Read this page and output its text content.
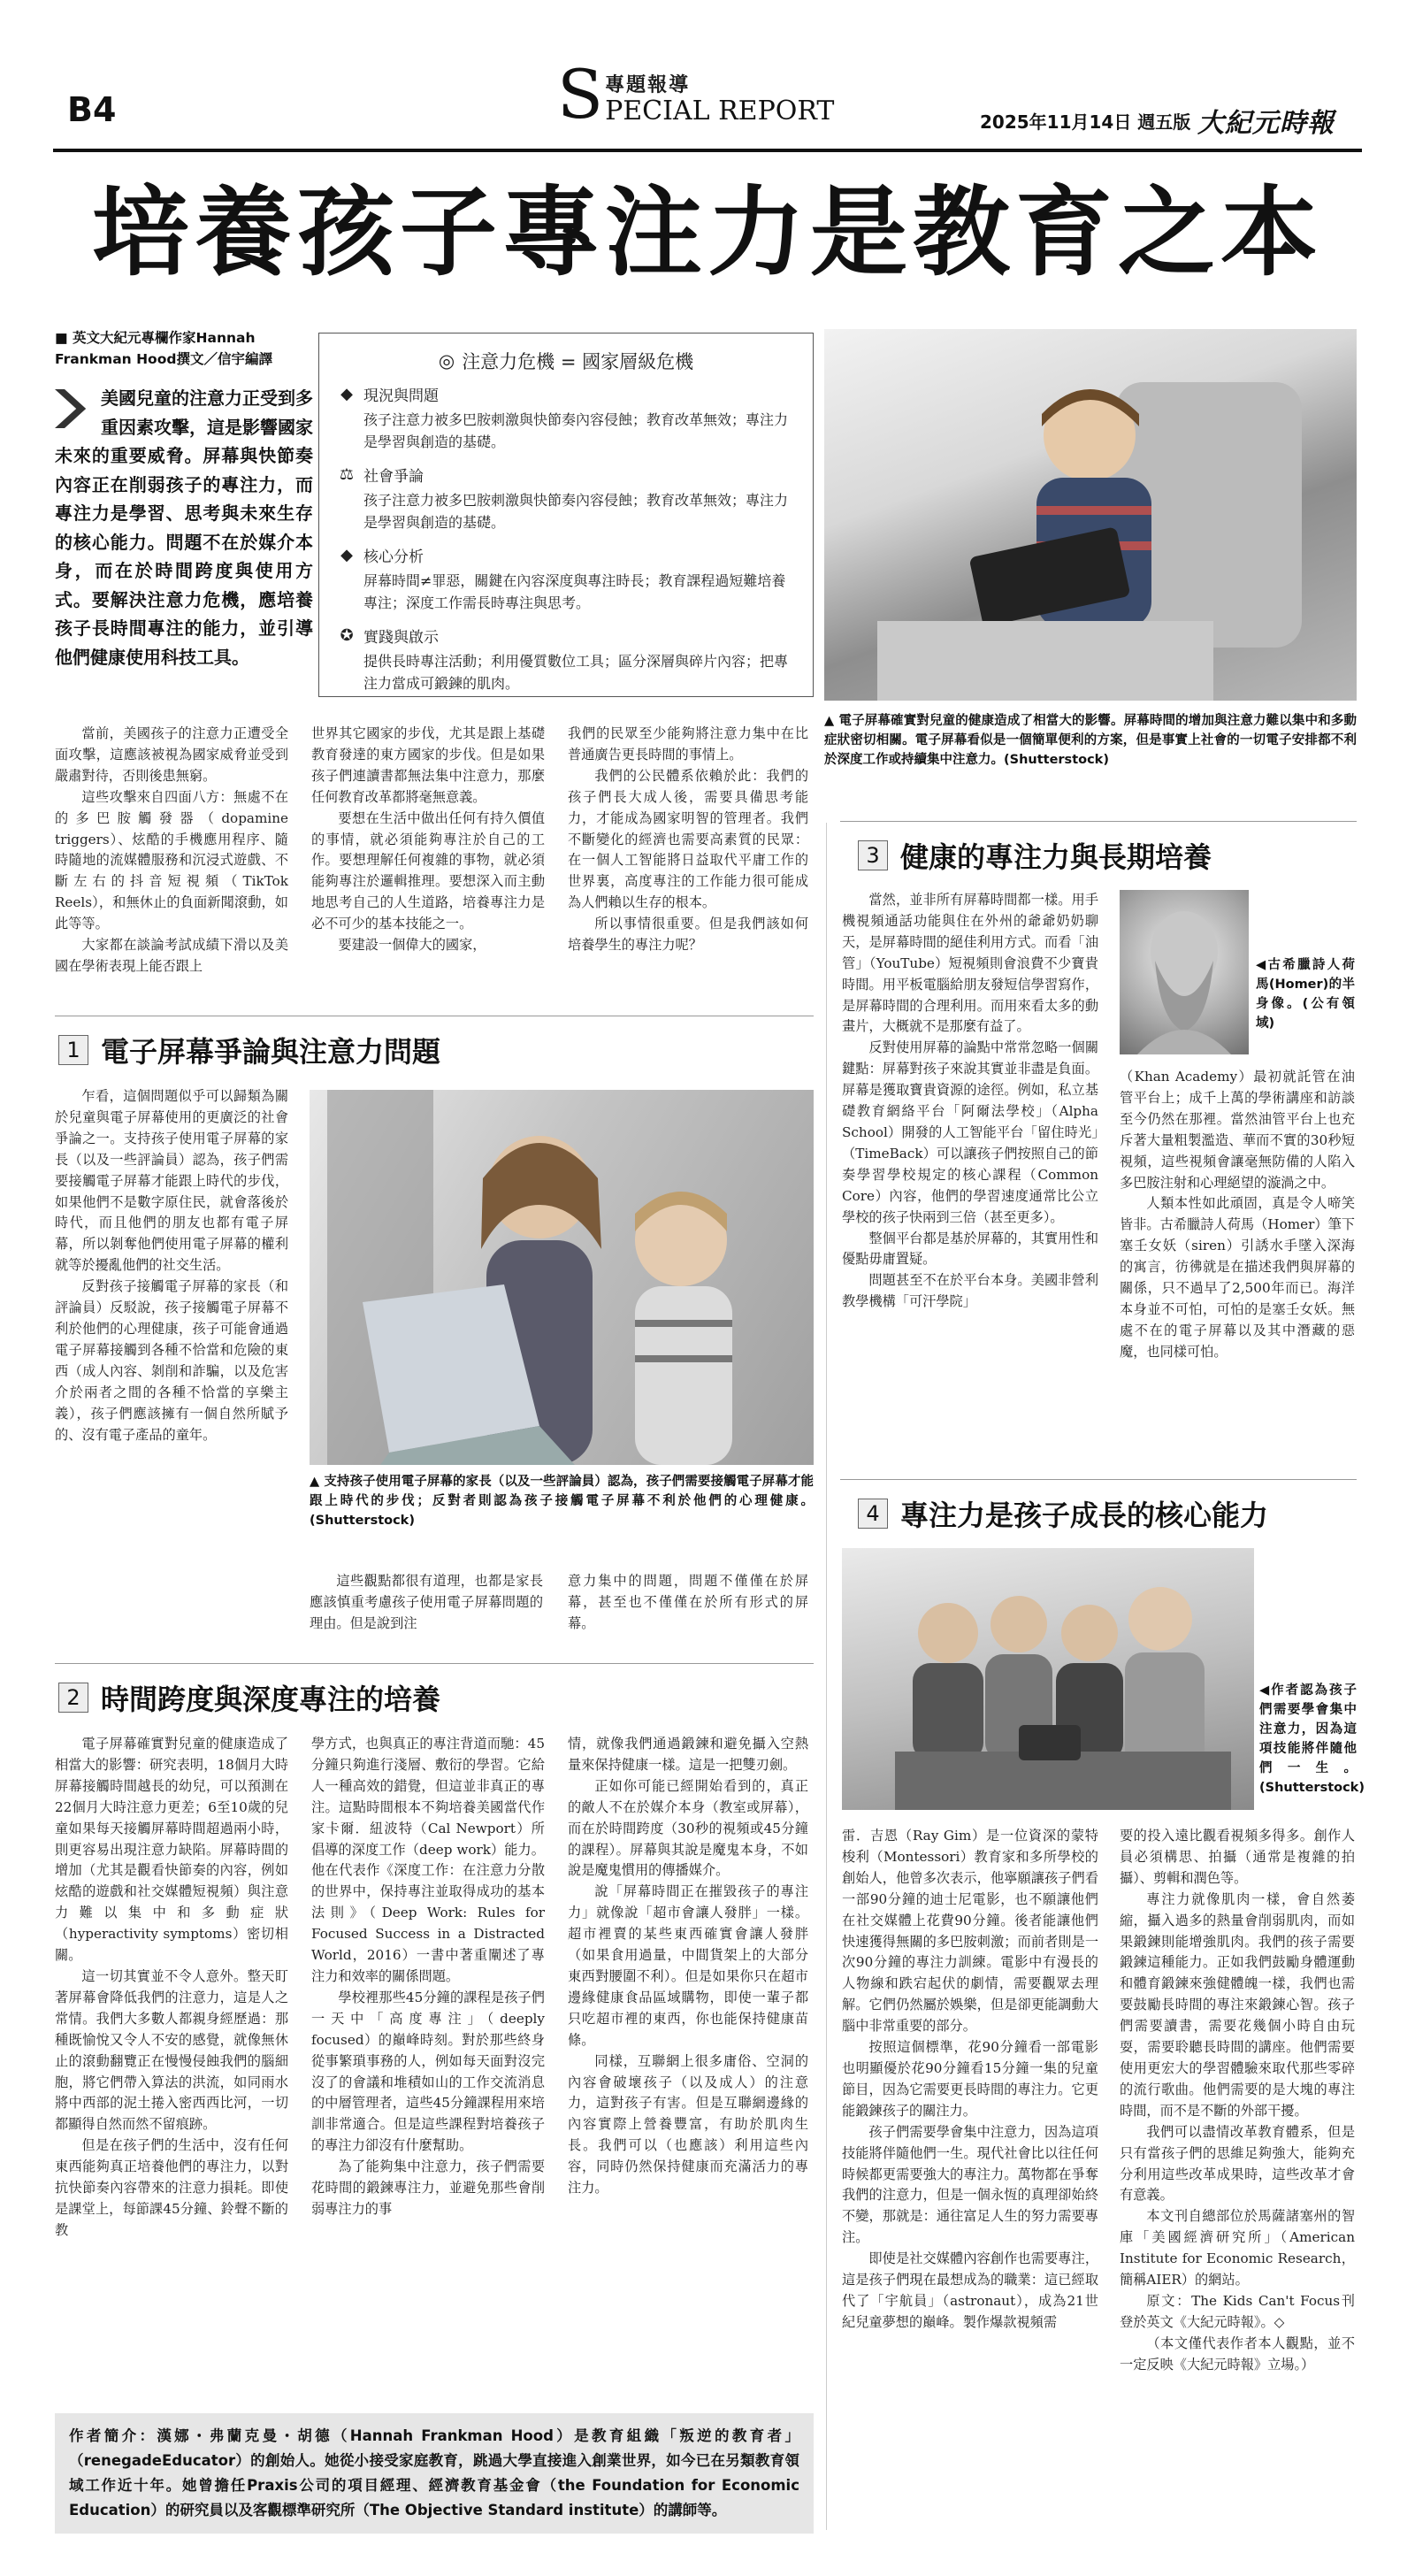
B4	S 專題報導
PECIAL REPORT	2025年11月14日 週五版 大紀元時報
培養孩子專注力是教育之本
■ 英文大紀元專欄作家Hannah
Frankman Hood撰文／信宇編譯
美國兒童的注意力正受到多重因素攻擊，這是影響國家未來的重要威脅。屏幕與快節奏內容正在削弱孩子的專注力，而專注力是學習、思考與未來生存的核心能力。問題不在於媒介本身，而在於時間跨度與使用方式。要解決注意力危機，應培養孩子長時間專注的能力，並引導他們健康使用科技工具。
◎ 注意力危機 = 國家層級危機
◆ 現況與問題
孩子注意力被多巴胺刺激與快節奏內容侵蝕；教育改革無效；專注力是學習與創造的基礎。
⚖ 社會爭論
孩子注意力被多巴胺刺激與快節奏內容侵蝕；教育改革無效；專注力是學習與創造的基礎。
◆ 核心分析
屏幕時間≠罪惡，關鍵在內容深度與專注時長；教育課程過短難培養專注；深度工作需長時專注與思考。
✪ 實踐與啟示
提供長時專注活動；利用優質數位工具；區分深層與碎片內容；把專注力當成可鍛鍊的肌肉。
▲ 電子屏幕確實對兒童的健康造成了相當大的影響。屏幕時間的增加與注意力難以集中和多動症狀密切相關。電子屏幕看似是一個簡單便利的方案，但是事實上社會的一切電子安排都不利於深度工作或持續集中注意力。(Shutterstock)

當前，美國孩子的注意力正遭受全面攻擊，這應該被視為國家威脅並受到嚴肅對待，否則後患無窮。

這些攻擊來自四面八方：無處不在的多巴胺觸發器（dopamine triggers）、炫酷的手機應用程序、隨時隨地的流媒體服務和沉浸式遊戲、不斷左右的抖音短視頻（TikTok Reels），和無休止的負面新聞滾動，如此等等。

大家都在談論考試成績下滑以及美國在學術表現上能否跟上

世界其它國家的步伐，尤其是跟上基礎教育發達的東方國家的步伐。但是如果孩子們連讀書都無法集中注意力，那麼任何教育改革都將毫無意義。

要想在生活中做出任何有持久價值的事情，就必須能夠專注於自己的工作。要想理解任何複雜的事物，就必須能夠專注於邏輯推理。要想深入而主動地思考自己的人生道路，培養專注力是必不可少的基本技能之一。

要建設一個偉大的國家，

我們的民眾至少能夠將注意力集中在比普通廣告更長時間的事情上。

我們的公民體系依賴於此：我們的孩子們長大成人後，需要具備思考能力，才能成為國家明智的管理者。我們不斷變化的經濟也需要高素質的民眾：在一個人工智能將日益取代平庸工作的世界裏，高度專注的工作能力很可能成為人們賴以生存的根本。

所以事情很重要。但是我們該如何培養學生的專注力呢？

1 電子屏幕爭論與注意力問題

乍看，這個問題似乎可以歸類為關於兒童與電子屏幕使用的更廣泛的社會爭論之一。支持孩子使用電子屏幕的家長（以及一些評論員）認為，孩子們需要接觸電子屏幕才能跟上時代的步伐，如果他們不是數字原住民，就會落後於時代，而且他們的朋友也都有電子屏幕，所以剝奪他們使用電子屏幕的權利就等於擾亂他們的社交生活。

反對孩子接觸電子屏幕的家長（和評論員）反駁說，孩子接觸電子屏幕不利於他們的心理健康，孩子可能會通過電子屏幕接觸到各種不恰當和危險的東西（成人內容、剝削和詐騙，以及危害介於兩者之間的各種不恰當的享樂主義），孩子們應該擁有一個自然所賦予的、沒有電子產品的童年。

▲ 支持孩子使用電子屏幕的家長（以及一些評論員）認為，孩子們需要接觸電子屏幕才能跟上時代的步伐；反對者則認為孩子接觸電子屏幕不利於他們的心理健康。(Shutterstock)

這些觀點都很有道理，也都是家長應該慎重考慮孩子使用電子屏幕問題的理由。但是說到注

意力集中的問題，問題不僅僅在於屏幕，甚至也不僅僅在於所有形式的屏幕。

2 時間跨度與深度專注的培養

電子屏幕確實對兒童的健康造成了相當大的影響：研究表明，18個月大時屏幕接觸時間越長的幼兒，可以預測在22個月大時注意力更差；6至10歲的兒童如果每天接觸屏幕時間超過兩小時，則更容易出現注意力缺陷。屏幕時間的增加（尤其是觀看快節奏的內容，例如炫酷的遊戲和社交媒體短視頻）與注意力難以集中和多動症狀（hyperactivity symptoms）密切相關。

這一切其實並不令人意外。整天盯著屏幕會降低我們的注意力，這是人之常情。我們大多數人都親身經歷過：那種既愉悅又令人不安的感覺，就像無休止的滾動翻覽正在慢慢侵蝕我們的腦細胞，將它們帶入算法的洪流，如同雨水將中西部的泥土捲入密西西比河，一切都顯得自然而然不留痕跡。

但是在孩子們的生活中，沒有任何東西能夠真正培養他們的專注力，以對抗快節奏內容帶來的注意力損耗。即使是課堂上，每節課45分鐘、鈴聲不斷的教

學方式，也與真正的專注背道而馳：45分鐘只夠進行淺層、敷衍的學習。它給人一種高效的錯覺，但這並非真正的專注。這點時間根本不夠培養美國當代作家卡爾．紐波特（Cal Newport）所倡導的深度工作（deep work）能力。他在代表作《深度工作：在注意力分散的世界中，保持專注並取得成功的基本法則》（Deep Work: Rules for Focused Success in a Distracted World，2016）一書中著重闡述了專注力和效率的關係問題。

學校裡那些45分鐘的課程是孩子們一天中「高度專注」（deeply focused）的巔峰時刻。對於那些終身從事繁瑣事務的人，例如每天面對沒完沒了的會議和堆積如山的工作交流消息的中層管理者，這些45分鐘課程用來培訓非常適合。但是這些課程對培養孩子的專注力卻沒有什麼幫助。

為了能夠集中注意力，孩子們需要花時間的鍛鍊專注力，並避免那些會削弱專注力的事

情，就像我們通過鍛鍊和避免攝入空熱量來保持健康一樣。這是一把雙刃劍。

正如你可能已經開始看到的，真正的敵人不在於媒介本身（教室或屏幕），而在於時間跨度（30秒的視頻或45分鐘的課程）。屏幕與其說是魔鬼本身，不如說是魔鬼慣用的傳播媒介。

說「屏幕時間正在摧毀孩子的專注力」就像說「超市會讓人發胖」一樣。超市裡賣的某些東西確實會讓人發胖（如果食用過量，中間貨架上的大部分東西對腰圍不利）。但是如果你只在超市邊緣健康食品區域購物，即使一輩子都只吃超市裡的東西，你也能保持健康苗條。

同樣，互聯網上很多庸俗、空洞的內容會破壞孩子（以及成人）的注意力，這對孩子有害。但是互聯網邊緣的內容實際上營養豐富，有助於肌肉生長。我們可以（也應該）利用這些內容，同時仍然保持健康而充滿活力的專注力。

作者簡介：漢娜・弗蘭克曼・胡德（Hannah Frankman Hood）是教育組織「叛逆的教育者」（renegadeEducator）的創始人。她從小接受家庭教育，跳過大學直接進入創業世界，如今已在另類教育領域工作近十年。她曾擔任Praxis公司的項目經理、經濟教育基金會（the Foundation for Economic Education）的研究員以及客觀標準研究所（The Objective Standard institute）的講師等。
3 健康的專注力與長期培養

當然，並非所有屏幕時間都一樣。用手機視頻通話功能與住在外州的爺爺奶奶聊天，是屏幕時間的絕佳利用方式。而看「油管」（YouTube）短視頻則會浪費不少寶貴時間。用平板電腦給朋友發短信學習寫作，是屏幕時間的合理利用。而用來看太多的動畫片，大概就不是那麼有益了。

反對使用屏幕的論點中常常忽略一個關鍵點：屏幕對孩子來說其實並非盡是負面。屏幕是獲取寶貴資源的途徑。例如，私立基礎教育網絡平台「阿爾法學校」（Alpha School）開發的人工智能平台「留住時光」（TimeBack）可以讓孩子們按照自己的節奏學習學校規定的核心課程（Common Core）內容，他們的學習速度通常比公立學校的孩子快兩到三倍（甚至更多）。

整個平台都是基於屏幕的，其實用性和優點毋庸置疑。

問題甚至不在於平台本身。美國非營利教學機構「可汗學院」

◀古希臘詩人荷馬(Homer)的半身像。(公有領域)

（Khan Academy）最初就託管在油管平台上；成千上萬的學術講座和訪談至今仍然在那裡。當然油管平台上也充斥著大量粗製濫造、華而不實的30秒短視頻，這些視頻會讓毫無防備的人陷入多巴胺注射和心理絕望的漩渦之中。

人類本性如此頑固，真是令人啼笑皆非。古希臘詩人荷馬（Homer）筆下塞壬女妖（siren）引誘水手墜入深海的寓言，彷彿就是在描述我們與屏幕的關係，只不過早了2,500年而已。海洋本身並不可怕，可怕的是塞壬女妖。無處不在的電子屏幕以及其中潛藏的惡魔，也同樣可怕。

4 專注力是孩子成長的核心能力
◀作者認為孩子們需要學會集中注意力，因為這項技能將伴隨他們一生。(Shutterstock)

雷．吉恩（Ray Gim）是一位資深的蒙特梭利（Montessori）教育家和多所學校的創始人，他曾多次表示，他寧願讓孩子們看一部90分鐘的迪士尼電影，也不願讓他們在社交媒體上花費90分鐘。後者能讓他們快速獲得無關的多巴胺刺激；而前者則是一次90分鐘的專注力訓練。電影中有漫長的人物線和跌宕起伏的劇情，需要觀眾去理解。它們仍然屬於娛樂，但是卻更能調動大腦中非常重要的部分。

按照這個標準，花90分鐘看一部電影也明顯優於花90分鐘看15分鐘一集的兒童節目，因為它需要更長時間的專注力。它更能鍛鍊孩子的關注力。

孩子們需要學會集中注意力，因為這項技能將伴隨他們一生。現代社會比以往任何時候都更需要強大的專注力。萬物都在爭奪我們的注意力，但是一個永恆的真理卻始終不變，那就是：通往富足人生的努力需要專注。

即使是社交媒體內容創作也需要專注，這是孩子們現在最想成為的職業：這已經取代了「宇航員」（astronaut），成為21世紀兒童夢想的巔峰。製作爆款視頻需

要的投入遠比觀看視頻多得多。創作人員必須構思、拍攝（通常是複雜的拍攝）、剪輯和潤色等。

專注力就像肌肉一樣，會自然萎縮，攝入過多的熱量會削弱肌肉，而如果鍛鍊則能增強肌肉。我們的孩子需要鍛鍊這種能力。正如我們鼓勵身體運動和體育鍛鍊來強健體魄一樣，我們也需要鼓勵長時間的專注來鍛鍊心智。孩子們需要讀書，需要花幾個小時自由玩耍，需要聆聽長時間的講座。他們需要使用更宏大的學習體驗來取代那些零碎的流行歌曲。他們需要的是大塊的專注時間，而不是不斷的外部干擾。

我們可以盡情改革教育體系，但是只有當孩子們的思維足夠強大，能夠充分利用這些改革成果時，這些改革才會有意義。

本文刊自總部位於馬薩諸塞州的智庫「美國經濟研究所」（American Institute for Economic Research，簡稱AIER）的網站。

原文：The Kids Can't Focus刊登於英文《大紀元時報》。◇

（本文僅代表作者本人觀點，並不一定反映《大紀元時報》立場。）
